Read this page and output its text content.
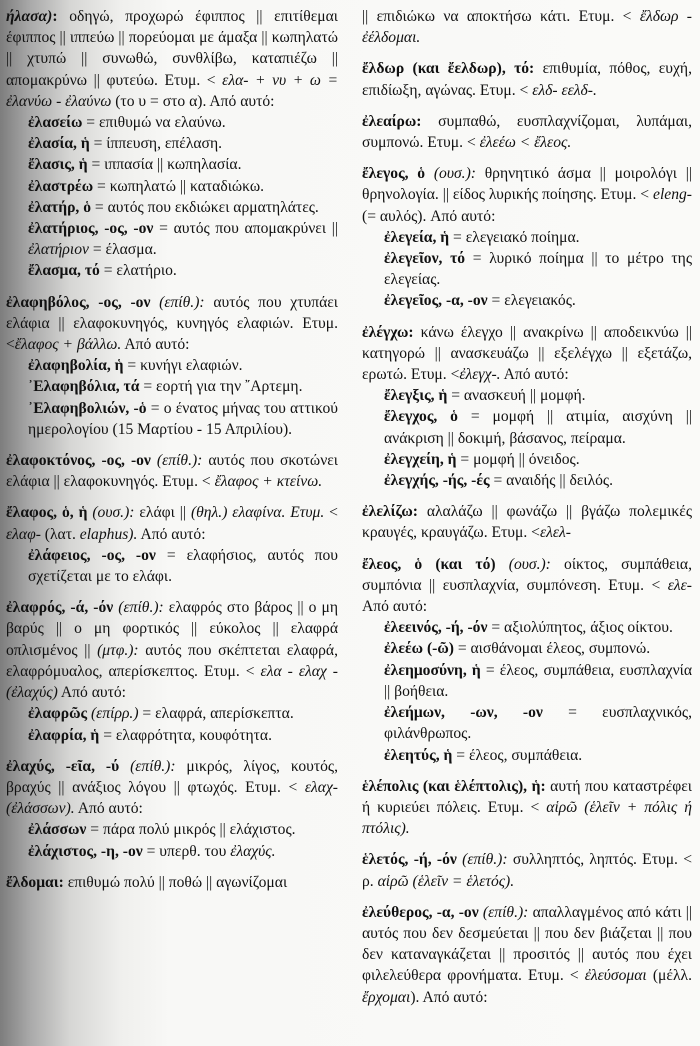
ήλασα): οδηγώ, προχωρώ έφιππος || επιτίθεμαι έφιππος || ιππεύω || πορεύομαι με άμαξα || κωπηλατώ || χτυπώ || συνωθώ, συνθλίβω, καταπιέζω || απομακρύνω || φυτεύω. Ετυμ. < ελα- + νυ + ω = ἐλανύω - ἐλαύνω (το υ = στο α). Από αυτό:

ἐλασείω = επιθυμώ να ελαύνω.

ἐλασία, ἡ = ίππευση, επέλαση.

ἔλασις, ἡ = ιππασία || κωπηλασία.

ἐλαστρέω = κωπηλατώ || καταδιώκω.

ἐλατήρ, ὁ = αυτός που εκδιώκει αρματηλάτες.

ἐλατήριος, -ος, -ον = αυτός που απομακρύνει || ἐλατήριον = έλασμα.

ἔλασμα, τό = ελατήριο.

ἐλαφηβόλος, -ος, -ον (επίθ.): αυτός που χτυπάει ελάφια || ελαφοκυνηγός, κυνηγός ελαφιών. Ετυμ. <ἔλαφος + βάλλω. Από αυτό:

ἐλαφηβολία, ἡ = κυνήγι ελαφιών.

᾿Ελαφηβόλια, τά = εορτή για την ῎Αρτεμη.

᾿Ελαφηβολιών, -ὁ = ο ένατος μήνας του αττικού ημερολογίου (15 Μαρτίου - 15 Απριλίου).

ἐλαφοκτόνος, -ος, -ον (επίθ.): αυτός που σκοτώνει ελάφια || ελαφοκυνηγός. Ετυμ. < ἔλαφος + κτείνω.

ἔλαφος, ὁ, ἡ (ουσ.): ελάφι || (θηλ.) ελαφίνα. Ετυμ. < ελαφ- (λατ. elaphus). Από αυτό:

ἐλάφειος, -ος, -ον = ελαφήσιος, αυτός που σχετίζεται με το ελάφι.

ἐλαφρός, -ά, -όν (επίθ.): ελαφρός στο βάρος || ο μη βαρύς || ο μη φορτικός || εύκολος || ελαφρά οπλισμένος || (μτφ.): αυτός που σκέπτεται ελαφρά, ελαφρόμυαλος, απερίσκεπτος. Ετυμ. < ελα - ελαχ - (ἐλαχύς) Από αυτό:

ἐλαφρῶς (επίρρ.) = ελαφρά, απερίσκεπτα.

ἐλαφρία, ἡ = ελαφρότητα, κουφότητα.

ἐλαχύς, -εῖα, -ύ (επίθ.): μικρός, λίγος, κουτός, βραχύς || ανάξιος λόγου || φτωχός. Ετυμ. < ελαχ- (ἐλάσσων). Από αυτό:

ἐλάσσων = πάρα πολύ μικρός || ελάχιστος.

ἐλάχιστος, -η, -ον = υπερθ. του ἐλαχύς.

ἔλδομαι: επιθυμώ πολύ || ποθώ || αγωνίζομαι

|| επιδιώκω να αποκτήσω κάτι. Ετυμ. < ἔλδωρ - ἐέλδομαι.

ἔλδωρ (και ἔελδωρ), τό: επιθυμία, πόθος, ευχή, επιδίωξη, αγώνας. Ετυμ. < ελδ- εελδ-.

ἐλεαίρω: συμπαθώ, ευσπλαχνίζομαι, λυπάμαι, συμπονώ. Ετυμ. < ἐλεέω < ἔλεος.

ἔλεγος, ὁ (ουσ.): θρηνητικό άσμα || μοιρολόγι || θρηνολογία. || είδος λυρικής ποίησης. Ετυμ. < eleng- (= αυλός). Από αυτό:

ἐλεγεία, ἡ = ελεγειακό ποίημα.

ἐλεγεῖον, τό = λυρικό ποίημα || το μέτρο της ελεγείας.

ἐλεγεῖος, -α, -ον = ελεγειακός.

ἐλέγχω: κάνω έλεγχο || ανακρίνω || αποδεικνύω || κατηγορώ || ανασκευάζω || εξελέγχω || εξετάζω, ερωτώ. Ετυμ. <ἐλεγχ-. Από αυτό:

ἔλεγξις, ἡ = ανασκευή || μομφή.

ἔλεγχος, ὁ = μομφή || ατιμία, αισχύνη || ανάκριση || δοκιμή, βάσανος, πείραμα.

ἐλεγχείη, ἡ = μομφή || όνειδος.

ἐλεγχής, -ής, -ές = αναιδής || δειλός.

ἐλελίζω: αλαλάζω || φωνάζω || βγάζω πολεμικές κραυγές, κραυγάζω. Ετυμ. <ελελ-

ἔλεος, ὁ (και τό) (ουσ.): οίκτος, συμπάθεια, συμπόνια || ευσπλαχνία, συμπόνεση. Ετυμ. < ελε- Από αυτό:

ἐλεεινός, -ή, -όν = αξιολύπητος, άξιος οίκτου.

ἐλεέω (-ῶ) = αισθάνομαι έλεος, συμπονώ.

ἐλεημοσύνη, ἡ = έλεος, συμπάθεια, ευσπλαχνία || βοήθεια.

ἐλεήμων, -ων, -ον = ευσπλαχνικός, φιλάνθρωπος.

ἐλεητύς, ἡ = έλεος, συμπάθεια.

ἑλέπολις (και ἑλέπτολις), ἡ: αυτή που καταστρέφει ή κυριεύει πόλεις. Ετυμ. < αἱρῶ (ἑλεῖν + πόλις ή πτόλις).

ἑλετός, -ή, -όν (επίθ.): συλληπτός, ληπτός. Ετυμ. < ρ. αἱρῶ (ἑλεῖν = ἑλετός).

ἐλεύθερος, -α, -ον (επίθ.): απαλλαγμένος από κάτι || αυτός που δεν δεσμεύεται || που δεν βιάζεται || που δεν καταναγκάζεται || προσιτός || αυτός που έχει φιλελεύθερα φρονήματα. Ετυμ. < ἐλεύσομαι (μέλλ. ἔρχομαι). Από αυτό:
